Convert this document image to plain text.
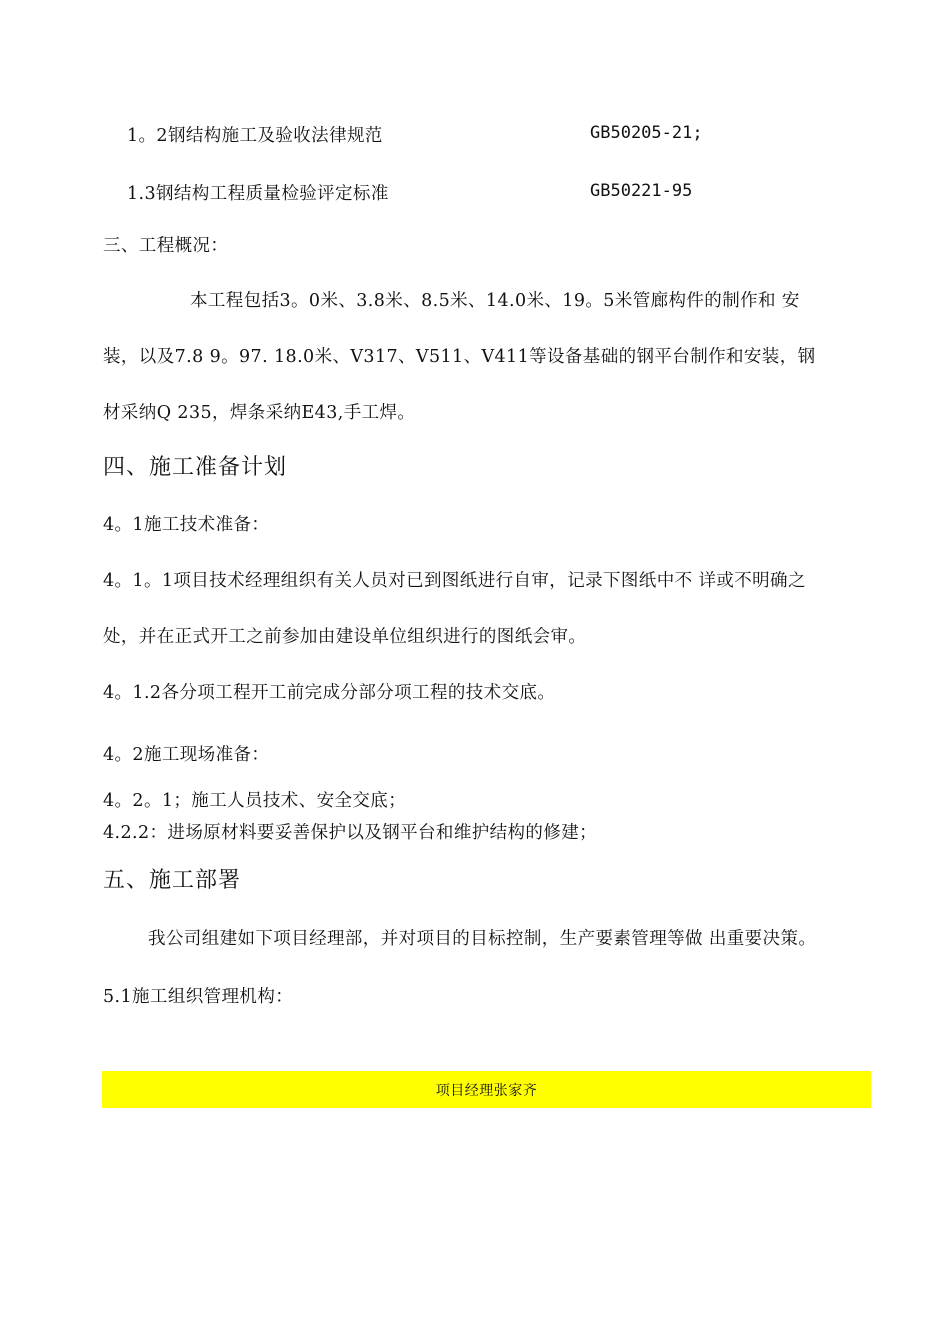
1。2钢结构施工及验收法律规范	GB50205-21;
1.3钢结构工程质量检验评定标准	GB50221-95
三、工程概况：
本工程包括3。0米、3.8米、8.5米、14.0米、19。5米管廊构件的制作和 安
装，以及7.8 9。97. 18.0米、V317、V511、V411等设备基础的钢平台制作和安装，钢
材采纳Q 235，焊条采纳E43,手工焊。
四、施工准备计划
4。1施工技术准备：
4。1。1项目技术经理组织有关人员对已到图纸进行自审，记录下图纸中不 详或不明确之
处，并在正式开工之前参加由建设单位组织进行的图纸会审。
4。1.2各分项工程开工前完成分部分项工程的技术交底。
4。2施工现场准备：
4。2。1；施工人员技术、安全交底；
4.2.2：进场原材料要妥善保护以及钢平台和维护结构的修建；
五、施工部署
我公司组建如下项目经理部，并对项目的目标控制，生产要素管理等做 出重要决策。
5.1施工组织管理机构：
项目经理张家齐
